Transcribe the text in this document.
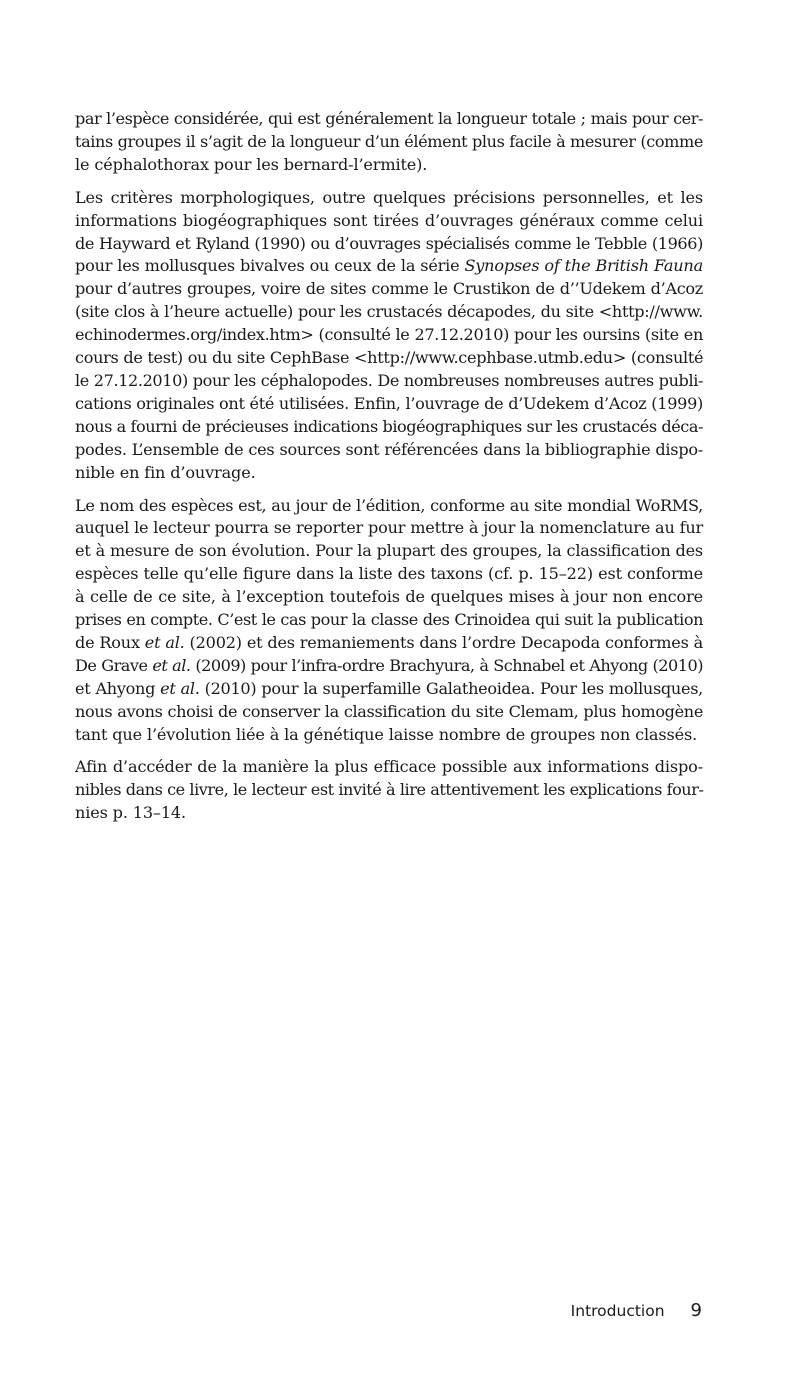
par l’espèce considérée, qui est généralement la longueur totale ; mais pour cer-
tains groupes il s’agit de la longueur d’un élément plus facile à mesurer (comme
le céphalothorax pour les bernard-l’ermite).

Les critères morphologiques, outre quelques précisions personnelles, et les
informations biogéographiques sont tirées d’ouvrages généraux comme celui
de Hayward et Ryland (1990) ou d’ouvrages spécialisés comme le Tebble (1966)
pour les mollusques bivalves ou ceux de la série Synopses of the British Fauna
pour d’autres groupes, voire de sites comme le Crustikon de d’’Udekem d’Acoz
(site clos à l’heure actuelle) pour les crustacés décapodes, du site <http://www.
echinodermes.org/index.htm> (consulté le 27.12.2010) pour les oursins (site en
cours de test) ou du site CephBase <http://www.cephbase.utmb.edu> (consulté
le 27.12.2010) pour les céphalopodes. De nombreuses nombreuses autres publi-
cations originales ont été utilisées. Enfin, l’ouvrage de d’Udekem d’Acoz (1999)
nous a fourni de précieuses indications biogéographiques sur les crustacés déca-
podes. L’ensemble de ces sources sont référencées dans la bibliographie dispo-
nible en fin d’ouvrage.

Le nom des espèces est, au jour de l’édition, conforme au site mondial WoRMS,
auquel le lecteur pourra se reporter pour mettre à jour la nomenclature au fur
et à mesure de son évolution. Pour la plupart des groupes, la classification des
espèces telle qu’elle figure dans la liste des taxons (cf. p. 15–22) est conforme
à celle de ce site, à l’exception toutefois de quelques mises à jour non encore
prises en compte. C’est le cas pour la classe des Crinoidea qui suit la publication
de Roux et al. (2002) et des remaniements dans l’ordre Decapoda conformes à
De Grave et al. (2009) pour l’infra-ordre Brachyura, à Schnabel et Ahyong (2010)
et Ahyong et al. (2010) pour la superfamille Galatheoidea. Pour les mollusques,
nous avons choisi de conserver la classification du site Clemam, plus homogène
tant que l’évolution liée à la génétique laisse nombre de groupes non classés.

Afin d’accéder de la manière la plus efficace possible aux informations dispo-
nibles dans ce livre, le lecteur est invité à lire attentivement les explications four-
nies p. 13–14.

Introduction 9
